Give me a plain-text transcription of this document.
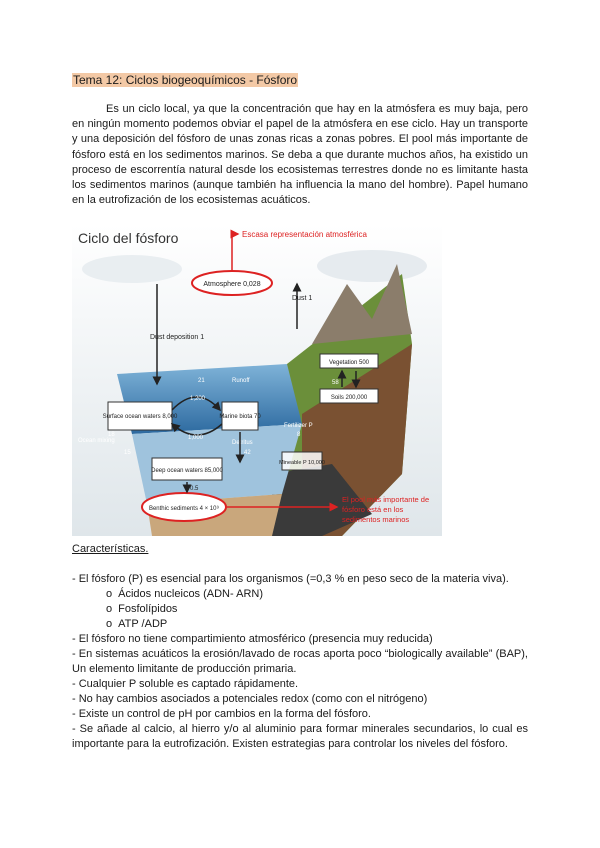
Tema 12: Ciclos biogeoquímicos - Fósforo

Es un ciclo local, ya que la concentración que hay en la atmósfera es muy baja, pero en ningún momento podemos obviar el papel de la atmósfera en ese ciclo. Hay un transporte y una deposición del fósforo de unas zonas ricas a zonas pobres. El pool más importante de fósforo está en los sedimentos marinos. Se deba a que durante muchos años, ha existido un proceso de escorrentía natural desde los ecosistemas terrestres donde no es limitante hasta los sedimentos marinos (aunque también ha influencia la mano del hombre). Papel humano en la eutrofización de los ecosistemas acuáticos.

Ciclo del fósforo
Atmosphere 0,028
Escasa representación atmosférica
Dust 1
Dust deposition 1
Surface ocean waters 8,000	Marine biota 70
Deep ocean waters 85,000
Benthic sediments 4 × 10⁹
Vegetation 500
Soils 200,000
Mineable P 10,000
Fertilizer P
Runoff
Ocean mixing	Detritus
21
1,200
1,000
42
18
15
58
8
0.5
El pool más importante de fósforo está en los sedimentos marinos
Características.
- El fósforo (P) es esencial para los organismos (=0,3 % en peso seco de la materia viva).
o Ácidos nucleicos (ADN- ARN)
o Fosfolípidos
o ATP /ADP
- El fósforo no tiene compartimiento atmosférico (presencia muy reducida)
- En sistemas acuáticos la erosión/lavado de rocas aporta poco “biologically available” (BAP), Un elemento limitante de producción primaria.
- Cualquier P soluble es captado rápidamente.
- No hay cambios asociados a potenciales redox (como con el nitrógeno)
- Existe un control de pH por cambios en la forma del fósforo.
- Se añade al calcio, al hierro y/o al aluminio para formar minerales secundarios, lo cual es importante para la eutrofización. Existen estrategias para controlar los niveles del fósforo.
